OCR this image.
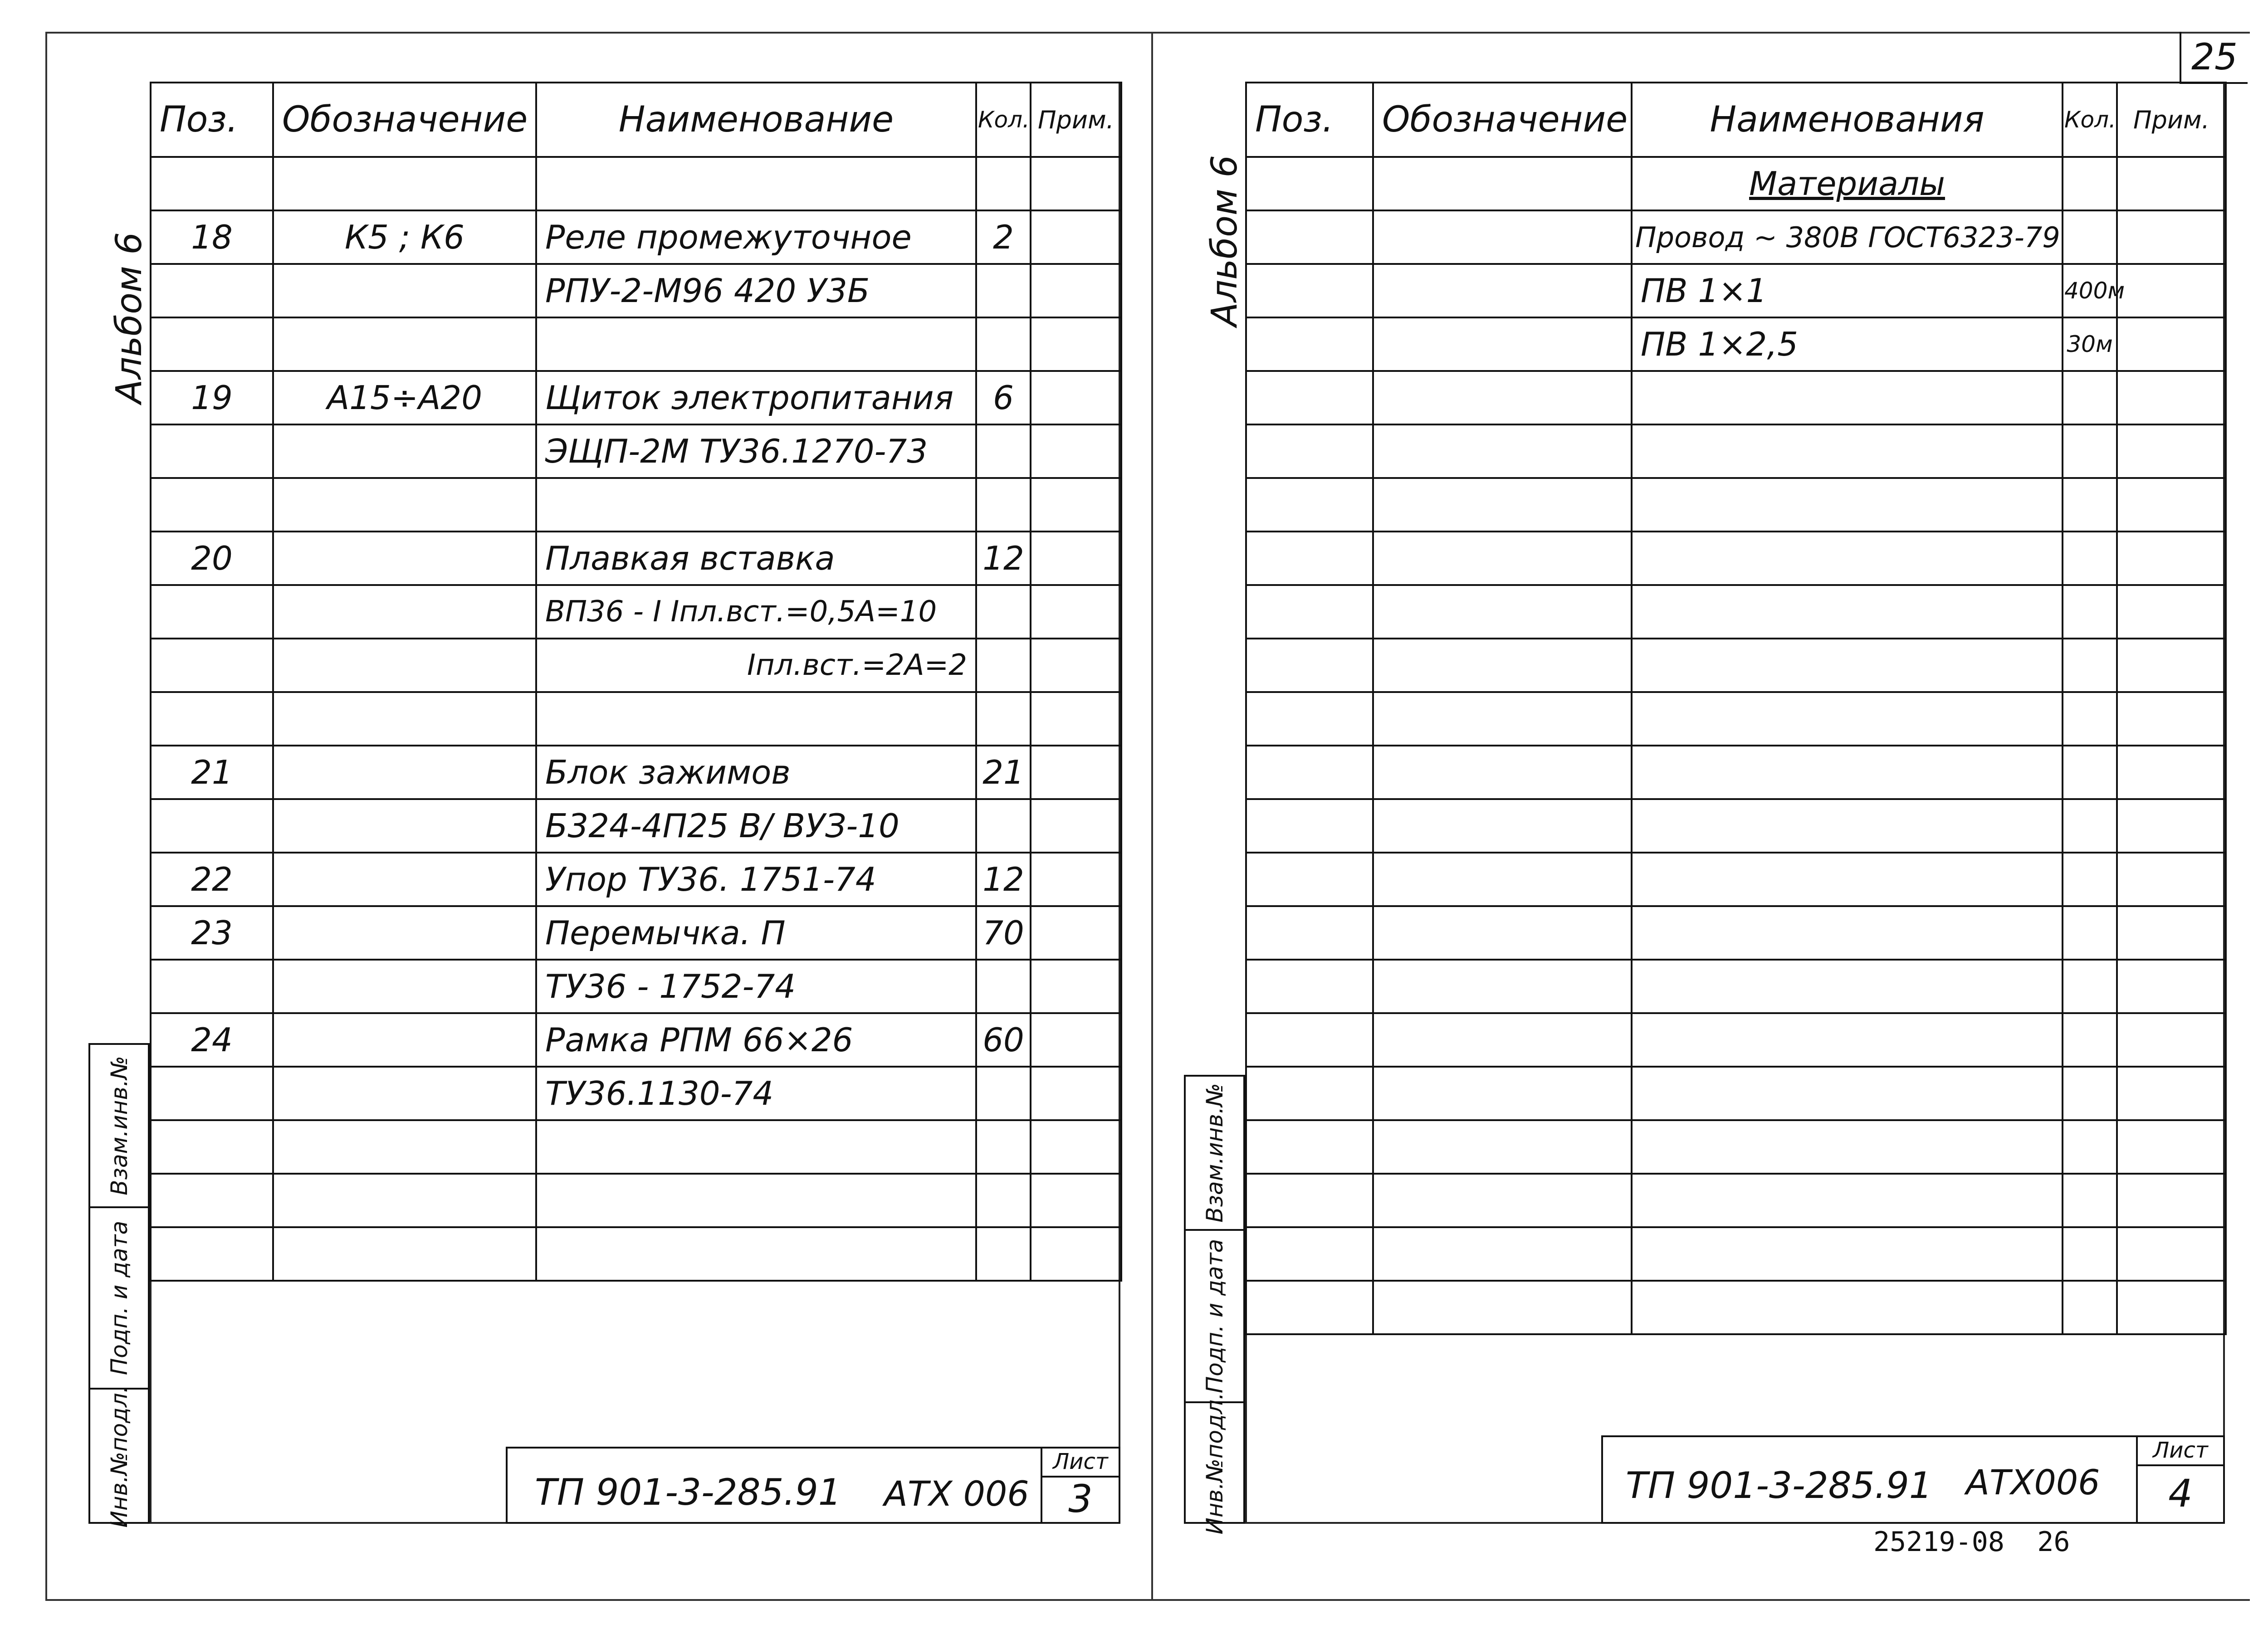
25
Альбом 6
Поз.	Обозначение	Наименование	Кол.	Прим.

18	К5 ; К6	Реле промежуточное	2	
		РПУ-2-М96 420 У3Б		

19	А15÷А20	Щиток электропитания	6	
		ЭЩП-2М ТУ36.1270-73		

20		Плавкая вставка	12	
		ВП36 - I Iпл.вст.=0,5А=10		
		Iпл.вст.=2А=2		

21		Блок зажимов	21	
		Б324-4П25 В/ ВУЗ-10		
22		Упор ТУ36. 1751-74	12	
23		Перемычка. П	70	
		ТУ36 - 1752-74		
24		Рамка РПМ 66×26	60	
		ТУ36.1130-74		

Взам.инв.№
Подп. и дата
Инв.№подл.	ТП 901-3-285.91 АТХ 006
Лист
3
Альбом 6
Поз.	Обозначение	Наименования	Кол.	Прим.
		Материалы		
		Провод ~ 380В ГОСТ6323-79		
		ПВ 1×1	400м	
		ПВ 1×2,5	30м	

Взам.инв.№
Подп. и дата
Инв.№подл.	ТП 901-3-285.91 АТХ006
Лист
4
25219-08  26
